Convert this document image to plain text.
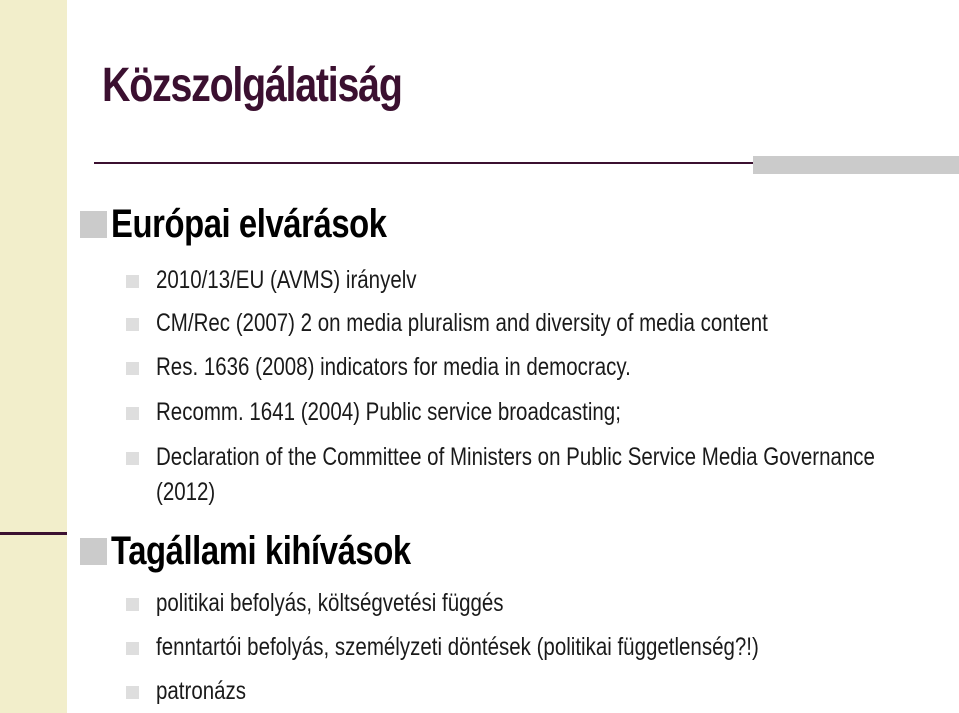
Közszolgálatiság
Európai elvárások
2010/13/EU (AVMS) irányelv
CM/Rec (2007) 2 on media pluralism and diversity of media content
Res. 1636 (2008) indicators for media in democracy.
Recomm. 1641 (2004) Public service broadcasting;
Declaration of the Committee of Ministers on Public Service Media Governance
(2012)
Tagállami kihívások
politikai befolyás, költségvetési függés
fenntartói befolyás, személyzeti döntések (politikai függetlenség?!)
patronázs
